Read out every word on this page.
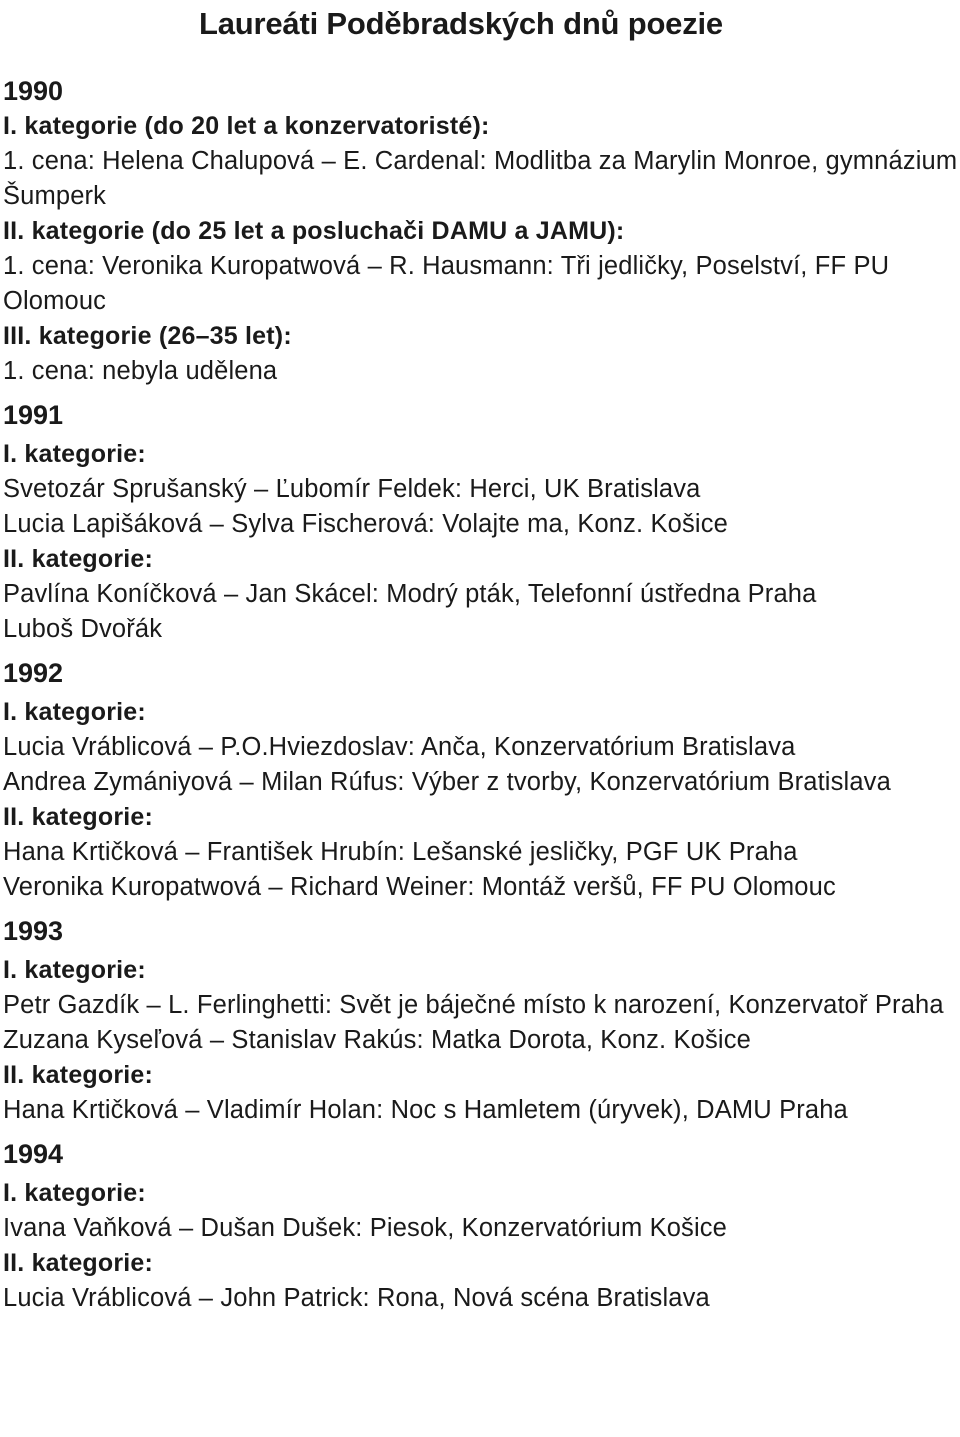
Laureáti Poděbradských dnů poezie
1990
I. kategorie (do 20 let a konzervatoristé):
1. cena: Helena Chalupová – E. Cardenal: Modlitba za Marylin Monroe, gymnázium Šumperk
II. kategorie (do 25 let a posluchači DAMU a JAMU):
1. cena: Veronika Kuropatwová – R. Hausmann: Tři jedličky, Poselství, FF PU Olomouc
III. kategorie (26–35 let):
1. cena: nebyla udělena
1991
I. kategorie:
Svetozár Sprušanský – Ľubomír Feldek: Herci, UK Bratislava
Lucia Lapišáková – Sylva Fischerová: Volajte ma, Konz. Košice
II. kategorie:
Pavlína Koníčková – Jan Skácel: Modrý pták, Telefonní ústředna Praha
Luboš Dvořák
1992
I. kategorie:
Lucia Vráblicová – P.O.Hviezdoslav: Anča, Konzervatórium Bratislava
Andrea Zymániyová – Milan Rúfus: Výber z tvorby, Konzervatórium Bratislava
II. kategorie:
Hana Krtičková – František Hrubín: Lešanské jesličky, PGF UK Praha
Veronika Kuropatwová – Richard Weiner: Montáž veršů, FF PU Olomouc
1993
I. kategorie:
Petr Gazdík – L. Ferlinghetti: Svět je báječné místo k narození, Konzervatoř Praha
Zuzana Kyseľová – Stanislav Rakús: Matka Dorota, Konz. Košice
II. kategorie:
Hana Krtičková – Vladimír Holan: Noc s Hamletem (úryvek), DAMU Praha
1994
I. kategorie:
Ivana Vaňková – Dušan Dušek: Piesok, Konzervatórium Košice
II. kategorie:
Lucia Vráblicová – John Patrick: Rona, Nová scéna Bratislava
